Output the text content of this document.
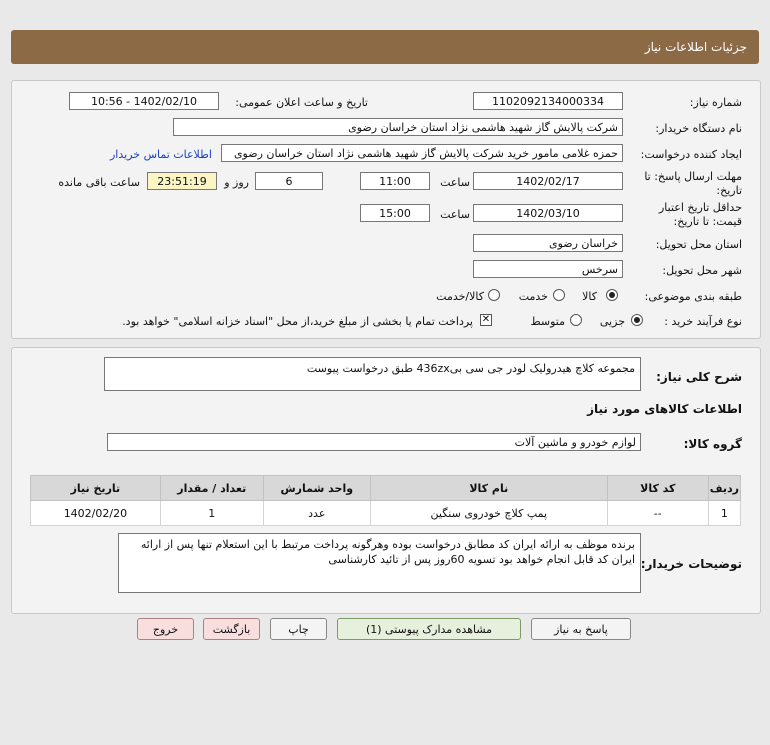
جزئیات اطلاعات نیاز
شماره نیاز:
1102092134000334
تاریخ و ساعت اعلان عمومی:
1402/02/10 - 10:56
نام دستگاه خریدار:
شرکت پالایش گاز شهید هاشمی نژاد استان خراسان رضوی
ایجاد کننده درخواست:
حمزه غلامی مامور خرید شرکت پالایش گاز شهید هاشمی نژاد استان خراسان رضوی
اطلاعات تماس خریدار
مهلت ارسال پاسخ: تا
تاریخ:
1402/02/17
ساعت
11:00
6
روز و
23:51:19
ساعت باقی مانده
حداقل تاریخ اعتبار
قیمت: تا تاریخ:
1402/03/10
ساعت
15:00
استان محل تحویل:
خراسان رضوی
شهر محل تحویل:
سرخس
طبقه بندی موضوعی:
کالا
خدمت
کالا/خدمت
نوع فرآیند خرید :
جزیی
متوسط
✕
پرداخت تمام یا بخشی از مبلغ خرید،از محل "اسناد خزانه اسلامی" خواهد بود.
شرح کلی نیاز:
مجموعه کلاچ هیدرولیک لودر جی سی بی436zx طبق درخواست پیوست
اطلاعات کالاهای مورد نیاز
گروه کالا:
لوازم خودرو و ماشین آلات
ردیف	کد کالا	نام کالا	واحد شمارش	تعداد / مقدار	تاریخ نیاز
1	--	پمپ کلاچ خودروی سنگین	عدد	1	1402/02/20
توضیحات خریدار:
برنده موظف به ارائه ایران کد مطابق درخواست بوده وهرگونه پرداخت مرتبط با این استعلام تنها پس از ارائه ایران کد قابل انجام خواهد بود تسویه 60روز پس از تائید کارشناسی
پاسخ به نیاز
مشاهده مدارک پیوستی (1)
چاپ
بازگشت
خروج
